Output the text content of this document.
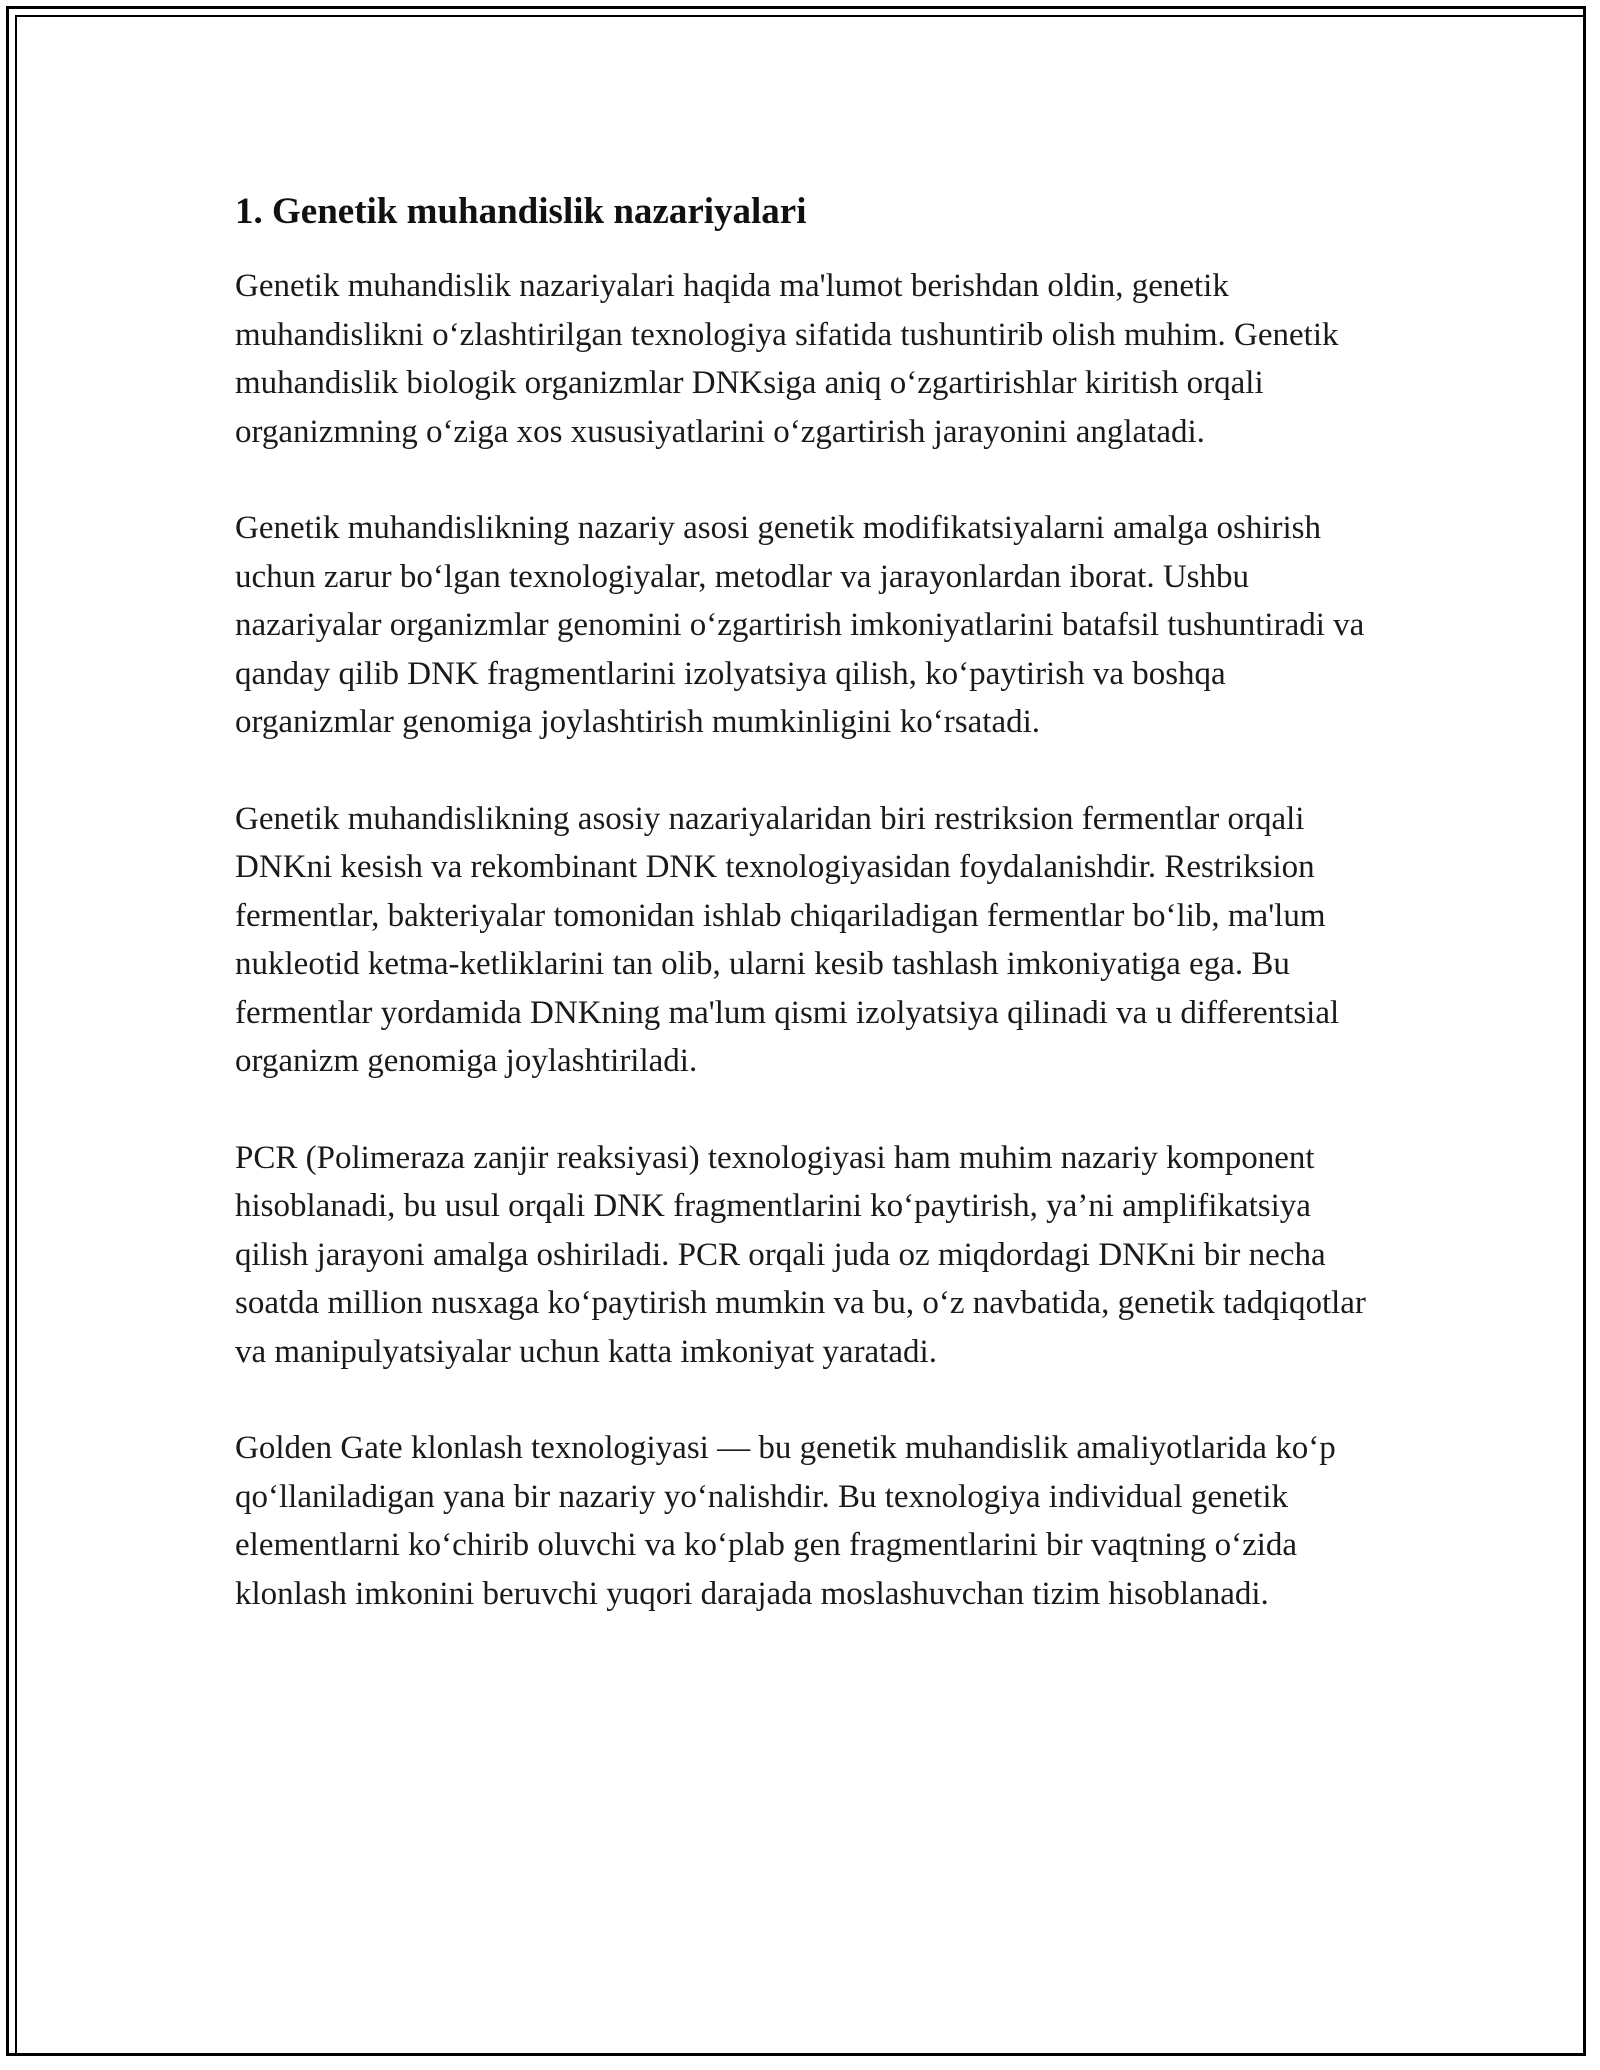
1. Genetik muhandislik nazariyalari

Genetik muhandislik nazariyalari haqida ma'lumot berishdan oldin, genetik muhandislikni o‘zlashtirilgan texnologiya sifatida tushuntirib olish muhim. Genetik muhandislik biologik organizmlar DNKsiga aniq o‘zgartirishlar kiritish orqali organizmning o‘ziga xos xususiyatlarini o‘zgartirish jarayonini anglatadi.

Genetik muhandislikning nazariy asosi genetik modifikatsiyalarni amalga oshirish uchun zarur bo‘lgan texnologiyalar, metodlar va jarayonlardan iborat. Ushbu nazariyalar organizmlar genomini o‘zgartirish imkoniyatlarini batafsil tushuntiradi va qanday qilib DNK fragmentlarini izolyatsiya qilish, ko‘paytirish va boshqa organizmlar genomiga joylashtirish mumkinligini ko‘rsatadi.

Genetik muhandislikning asosiy nazariyalaridan biri restriksion fermentlar orqali DNKni kesish va rekombinant DNK texnologiyasidan foydalanishdir. Restriksion fermentlar, bakteriyalar tomonidan ishlab chiqariladigan fermentlar bo‘lib, ma'lum nukleotid ketma-ketliklarini tan olib, ularni kesib tashlash imkoniyatiga ega. Bu fermentlar yordamida DNKning ma'lum qismi izolyatsiya qilinadi va u differentsial organizm genomiga joylashtiriladi.

PCR (Polimeraza zanjir reaksiyasi) texnologiyasi ham muhim nazariy komponent hisoblanadi, bu usul orqali DNK fragmentlarini ko‘paytirish, ya’ni amplifikatsiya qilish jarayoni amalga oshiriladi. PCR orqali juda oz miqdordagi DNKni bir necha soatda million nusxaga ko‘paytirish mumkin va bu, o‘z navbatida, genetik tadqiqotlar va manipulyatsiyalar uchun katta imkoniyat yaratadi.

Golden Gate klonlash texnologiyasi — bu genetik muhandislik amaliyotlarida ko‘p qo‘llaniladigan yana bir nazariy yo‘nalishdir. Bu texnologiya individual genetik elementlarni ko‘chirib oluvchi va ko‘plab gen fragmentlarini bir vaqtning o‘zida klonlash imkonini beruvchi yuqori darajada moslashuvchan tizim hisoblanadi.
